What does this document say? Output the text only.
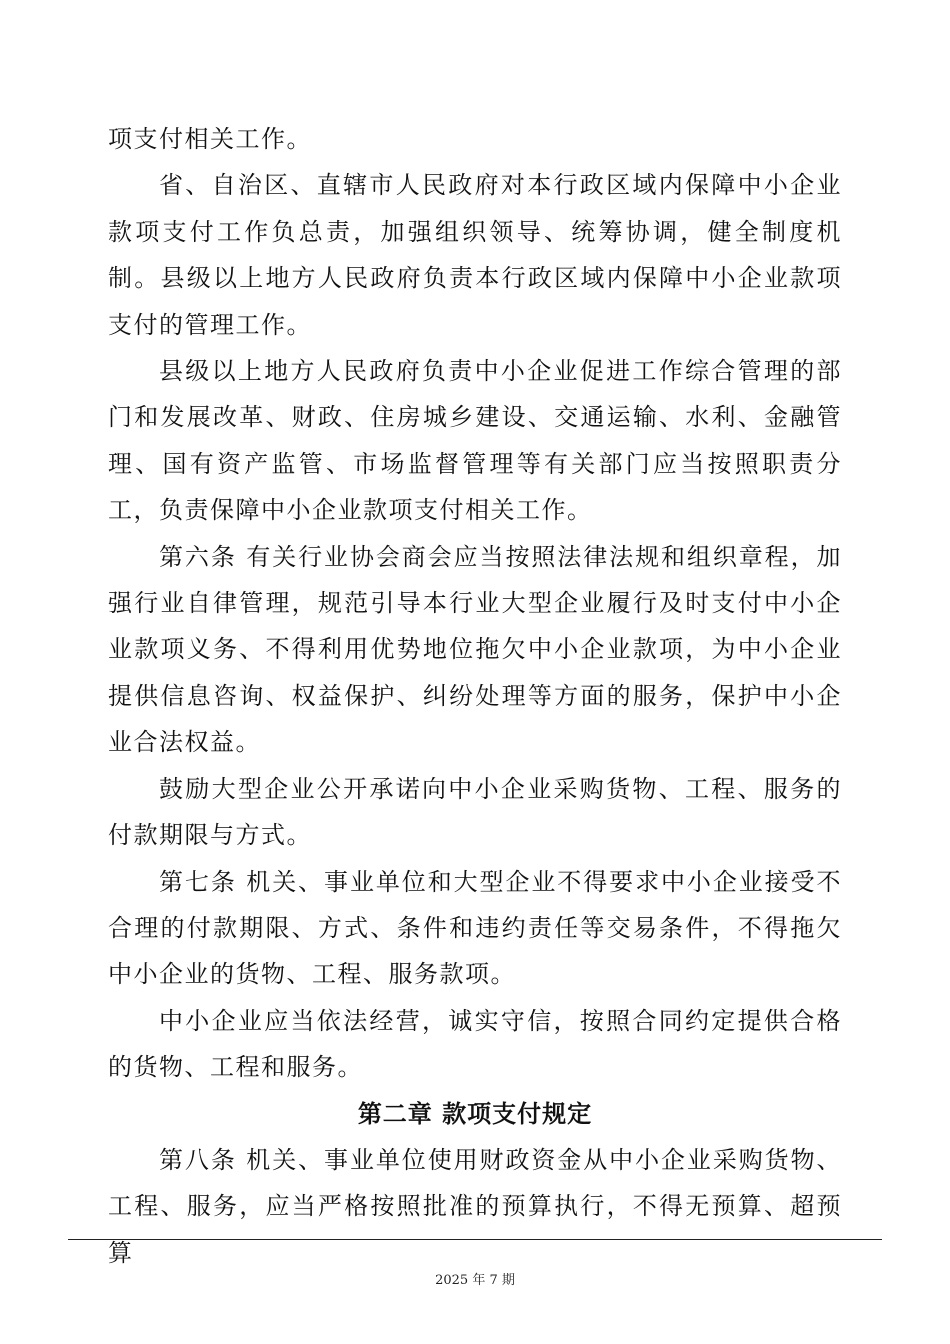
项支付相关工作。

省、自治区、直辖市人民政府对本行政区域内保障中小企业款项支付工作负总责，加强组织领导、统筹协调，健全制度机制。县级以上地方人民政府负责本行政区域内保障中小企业款项支付的管理工作。

县级以上地方人民政府负责中小企业促进工作综合管理的部门和发展改革、财政、住房城乡建设、交通运输、水利、金融管理、国有资产监管、市场监督管理等有关部门应当按照职责分工，负责保障中小企业款项支付相关工作。

第六条 有关行业协会商会应当按照法律法规和组织章程，加强行业自律管理，规范引导本行业大型企业履行及时支付中小企业款项义务、不得利用优势地位拖欠中小企业款项，为中小企业提供信息咨询、权益保护、纠纷处理等方面的服务，保护中小企业合法权益。

鼓励大型企业公开承诺向中小企业采购货物、工程、服务的付款期限与方式。

第七条 机关、事业单位和大型企业不得要求中小企业接受不合理的付款期限、方式、条件和违约责任等交易条件，不得拖欠中小企业的货物、工程、服务款项。

中小企业应当依法经营，诚实守信，按照合同约定提供合格的货物、工程和服务。

第二章 款项支付规定

第八条 机关、事业单位使用财政资金从中小企业采购货物、工程、服务，应当严格按照批准的预算执行，不得无预算、超预算

2025 年 7 期
